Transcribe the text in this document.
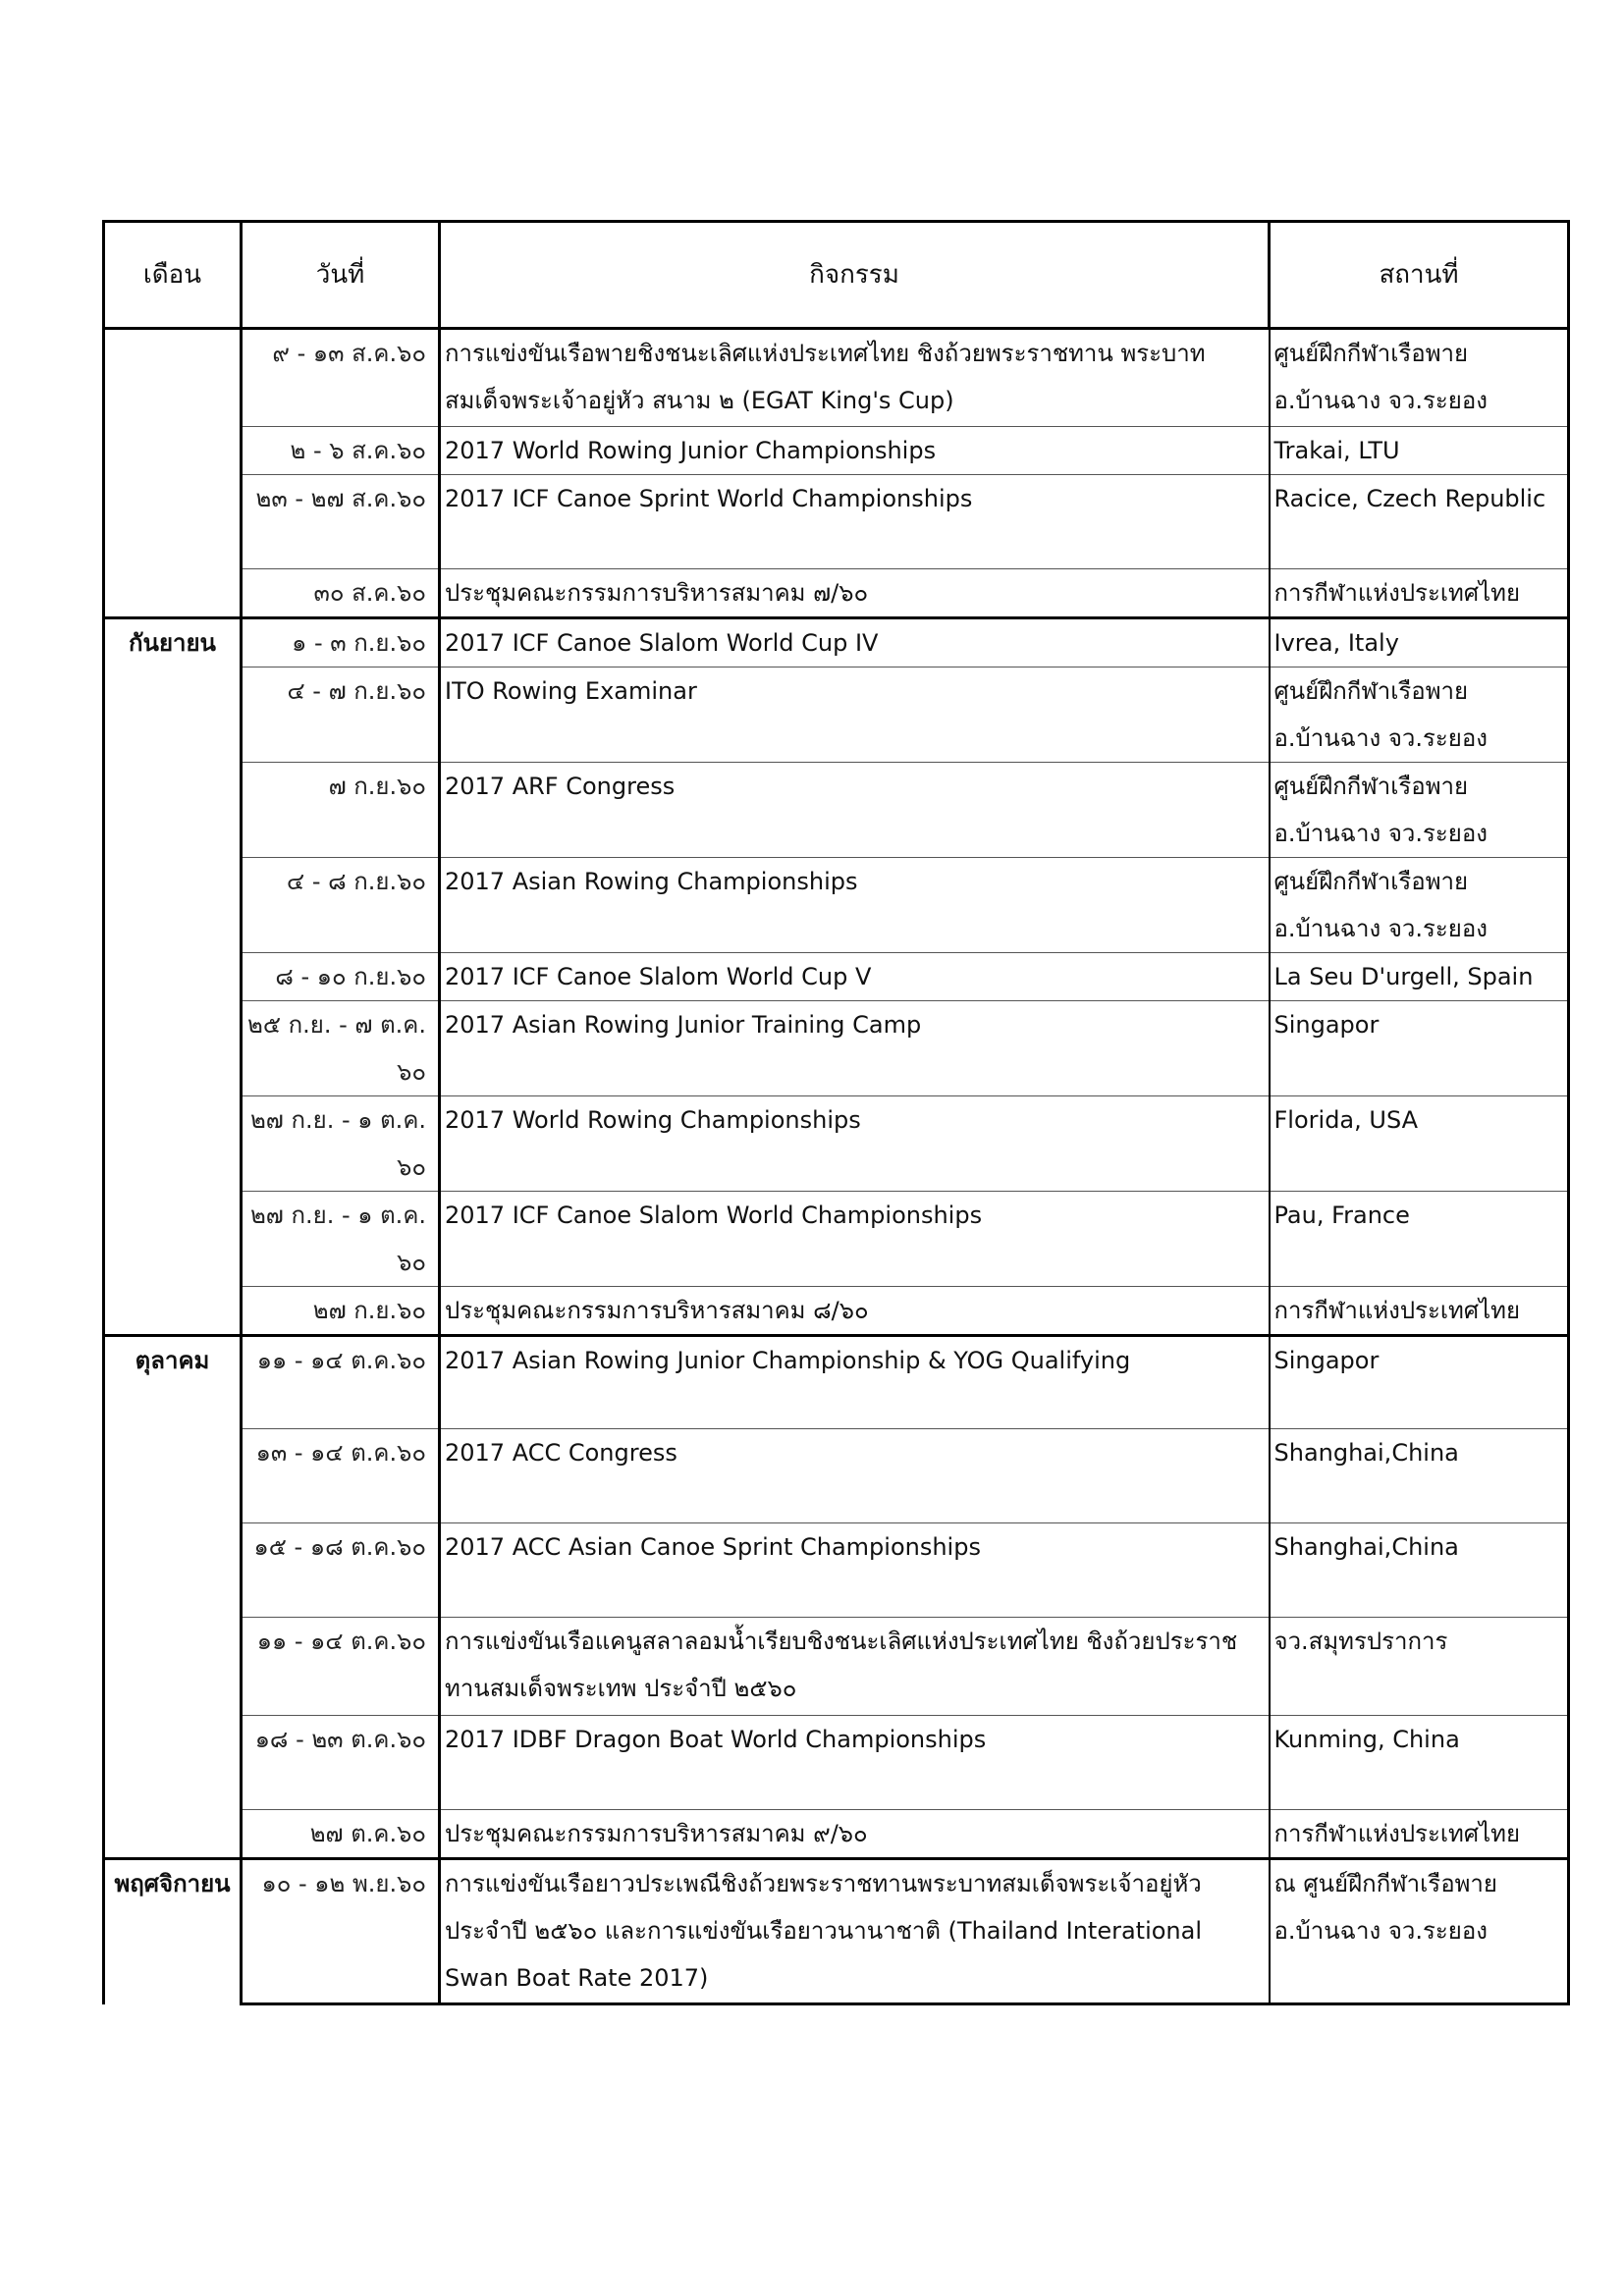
เดือน	วันที่	กิจกรรม	สถานที่
	๙ - ๑๓ ส.ค.๖๐	การแข่งขันเรือพายชิงชนะเลิศแห่งประเทศไทย ชิงถ้วยพระราชทาน พระบาทสมเด็จพระเจ้าอยู่หัว สนาม ๒ (EGAT King's Cup)	ศูนย์ฝึกกีฬาเรือพาย อ.บ้านฉาง จว.ระยอง
	๒ - ๖ ส.ค.๖๐	2017 World Rowing Junior Championships	Trakai, LTU
	๒๓ - ๒๗ ส.ค.๖๐	2017 ICF Canoe Sprint World Championships	Racice, Czech Republic
	๓๐ ส.ค.๖๐	ประชุมคณะกรรมการบริหารสมาคม ๗/๖๐	การกีฬาแห่งประเทศไทย
กันยายน	๑ - ๓ ก.ย.๖๐	2017 ICF Canoe Slalom World Cup IV	Ivrea, Italy
	๔ - ๗ ก.ย.๖๐	ITO Rowing Examinar	ศูนย์ฝึกกีฬาเรือพาย อ.บ้านฉาง จว.ระยอง
	๗ ก.ย.๖๐	2017 ARF Congress	ศูนย์ฝึกกีฬาเรือพาย อ.บ้านฉาง จว.ระยอง
	๔ - ๘ ก.ย.๖๐	2017 Asian Rowing Championships	ศูนย์ฝึกกีฬาเรือพาย อ.บ้านฉาง จว.ระยอง
	๘ - ๑๐ ก.ย.๖๐	2017 ICF Canoe Slalom World Cup V	La Seu D'urgell, Spain
	๒๕ ก.ย. - ๗ ต.ค. ๖๐	2017 Asian Rowing Junior Training Camp	Singapor
	๒๗ ก.ย. - ๑ ต.ค. ๖๐	2017 World Rowing Championships	Florida, USA
	๒๗ ก.ย. - ๑ ต.ค. ๖๐	2017 ICF Canoe Slalom World Championships	Pau, France
	๒๗ ก.ย.๖๐	ประชุมคณะกรรมการบริหารสมาคม ๘/๖๐	การกีฬาแห่งประเทศไทย
ตุลาคม	๑๑ - ๑๔ ต.ค.๖๐	2017 Asian Rowing Junior Championship & YOG Qualifying	Singapor
	๑๓ - ๑๔ ต.ค.๖๐	2017 ACC Congress	Shanghai,China
	๑๕ - ๑๘ ต.ค.๖๐	2017 ACC Asian Canoe Sprint Championships	Shanghai,China
	๑๑ - ๑๔ ต.ค.๖๐	การแข่งขันเรือแคนูสลาลอมน้ำเรียบชิงชนะเลิศแห่งประเทศไทย ชิงถ้วยประราชทานสมเด็จพระเทพ ประจำปี ๒๕๖๐	จว.สมุทรปราการ
	๑๘ - ๒๓ ต.ค.๖๐	2017 IDBF Dragon Boat World Championships	Kunming, China
	๒๗ ต.ค.๖๐	ประชุมคณะกรรมการบริหารสมาคม ๙/๖๐	การกีฬาแห่งประเทศไทย
พฤศจิกายน	๑๐ - ๑๒ พ.ย.๖๐	การแข่งขันเรือยาวประเพณีชิงถ้วยพระราชทานพระบาทสมเด็จพระเจ้าอยู่หัว ประจำปี ๒๕๖๐ และการแข่งขันเรือยาวนานาชาติ (Thailand Interational Swan Boat Rate 2017)	ณ ศูนย์ฝึกกีฬาเรือพาย อ.บ้านฉาง จว.ระยอง
